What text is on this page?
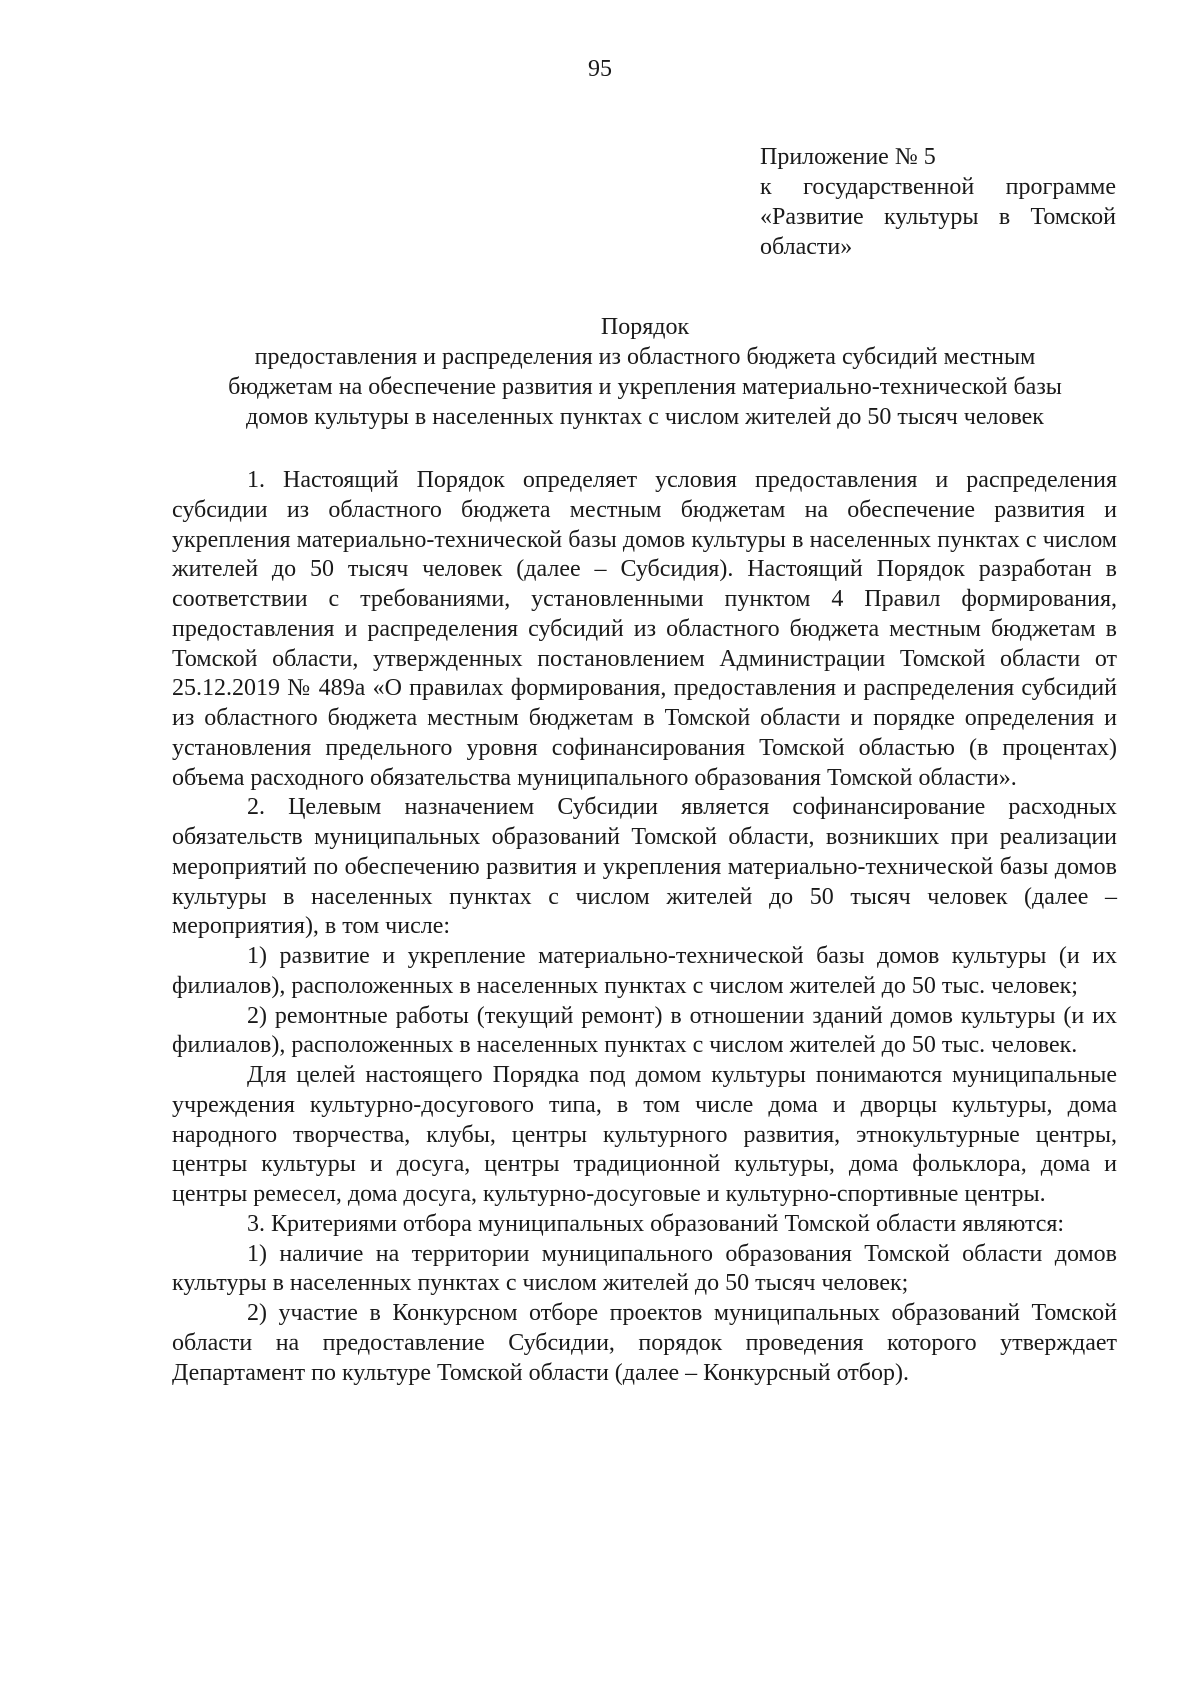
95
Приложение № 5
к государственной программе
«Развитие культуры в Томской
области»
Порядок
предоставления и распределения из областного бюджета субсидий местным
бюджетам на обеспечение развития и укрепления материально-технической базы
домов культуры в населенных пунктах с числом жителей до 50 тысяч человек

1. Настоящий Порядок определяет условия предоставления и распределения субсидии из областного бюджета местным бюджетам на обеспечение развития и укрепления материально-технической базы домов культуры в населенных пунктах с числом жителей до 50 тысяч человек (далее – Субсидия). Настоящий Порядок разработан в соответствии с требованиями, установленными пунктом 4 Правил формирования, предоставления и распределения субсидий из областного бюджета местным бюджетам в Томской области, утвержденных постановлением Администрации Томской области от 25.12.2019 № 489а «О правилах формирования, предоставления и распределения субсидий из областного бюджета местным бюджетам в Томской области и порядке определения и установления предельного уровня софинансирования Томской областью (в процентах) объема расходного обязательства муниципального образования Томской области».

2. Целевым назначением Субсидии является софинансирование расходных обязательств муниципальных образований Томской области, возникших при реализации мероприятий по обеспечению развития и укрепления материально-технической базы домов культуры в населенных пунктах с числом жителей до 50 тысяч человек (далее – мероприятия), в том числе:

1) развитие и укрепление материально-технической базы домов культуры (и их филиалов), расположенных в населенных пунктах с числом жителей до 50 тыс. человек;

2) ремонтные работы (текущий ремонт) в отношении зданий домов культуры (и их филиалов), расположенных в населенных пунктах с числом жителей до 50 тыс. человек.

Для целей настоящего Порядка под домом культуры понимаются муниципальные учреждения культурно-досугового типа, в том числе дома и дворцы культуры, дома народного творчества, клубы, центры культурного развития, этнокультурные центры, центры культуры и досуга, центры традиционной культуры, дома фольклора, дома и центры ремесел, дома досуга, культурно-досуговые и культурно-спортивные центры.

3. Критериями отбора муниципальных образований Томской области являются:

1) наличие на территории муниципального образования Томской области домов культуры в населенных пунктах с числом жителей до 50 тысяч человек;

2) участие в Конкурсном отборе проектов муниципальных образований Томской области на предоставление Субсидии, порядок проведения которого утверждает Департамент по культуре Томской области (далее – Конкурсный отбор).
